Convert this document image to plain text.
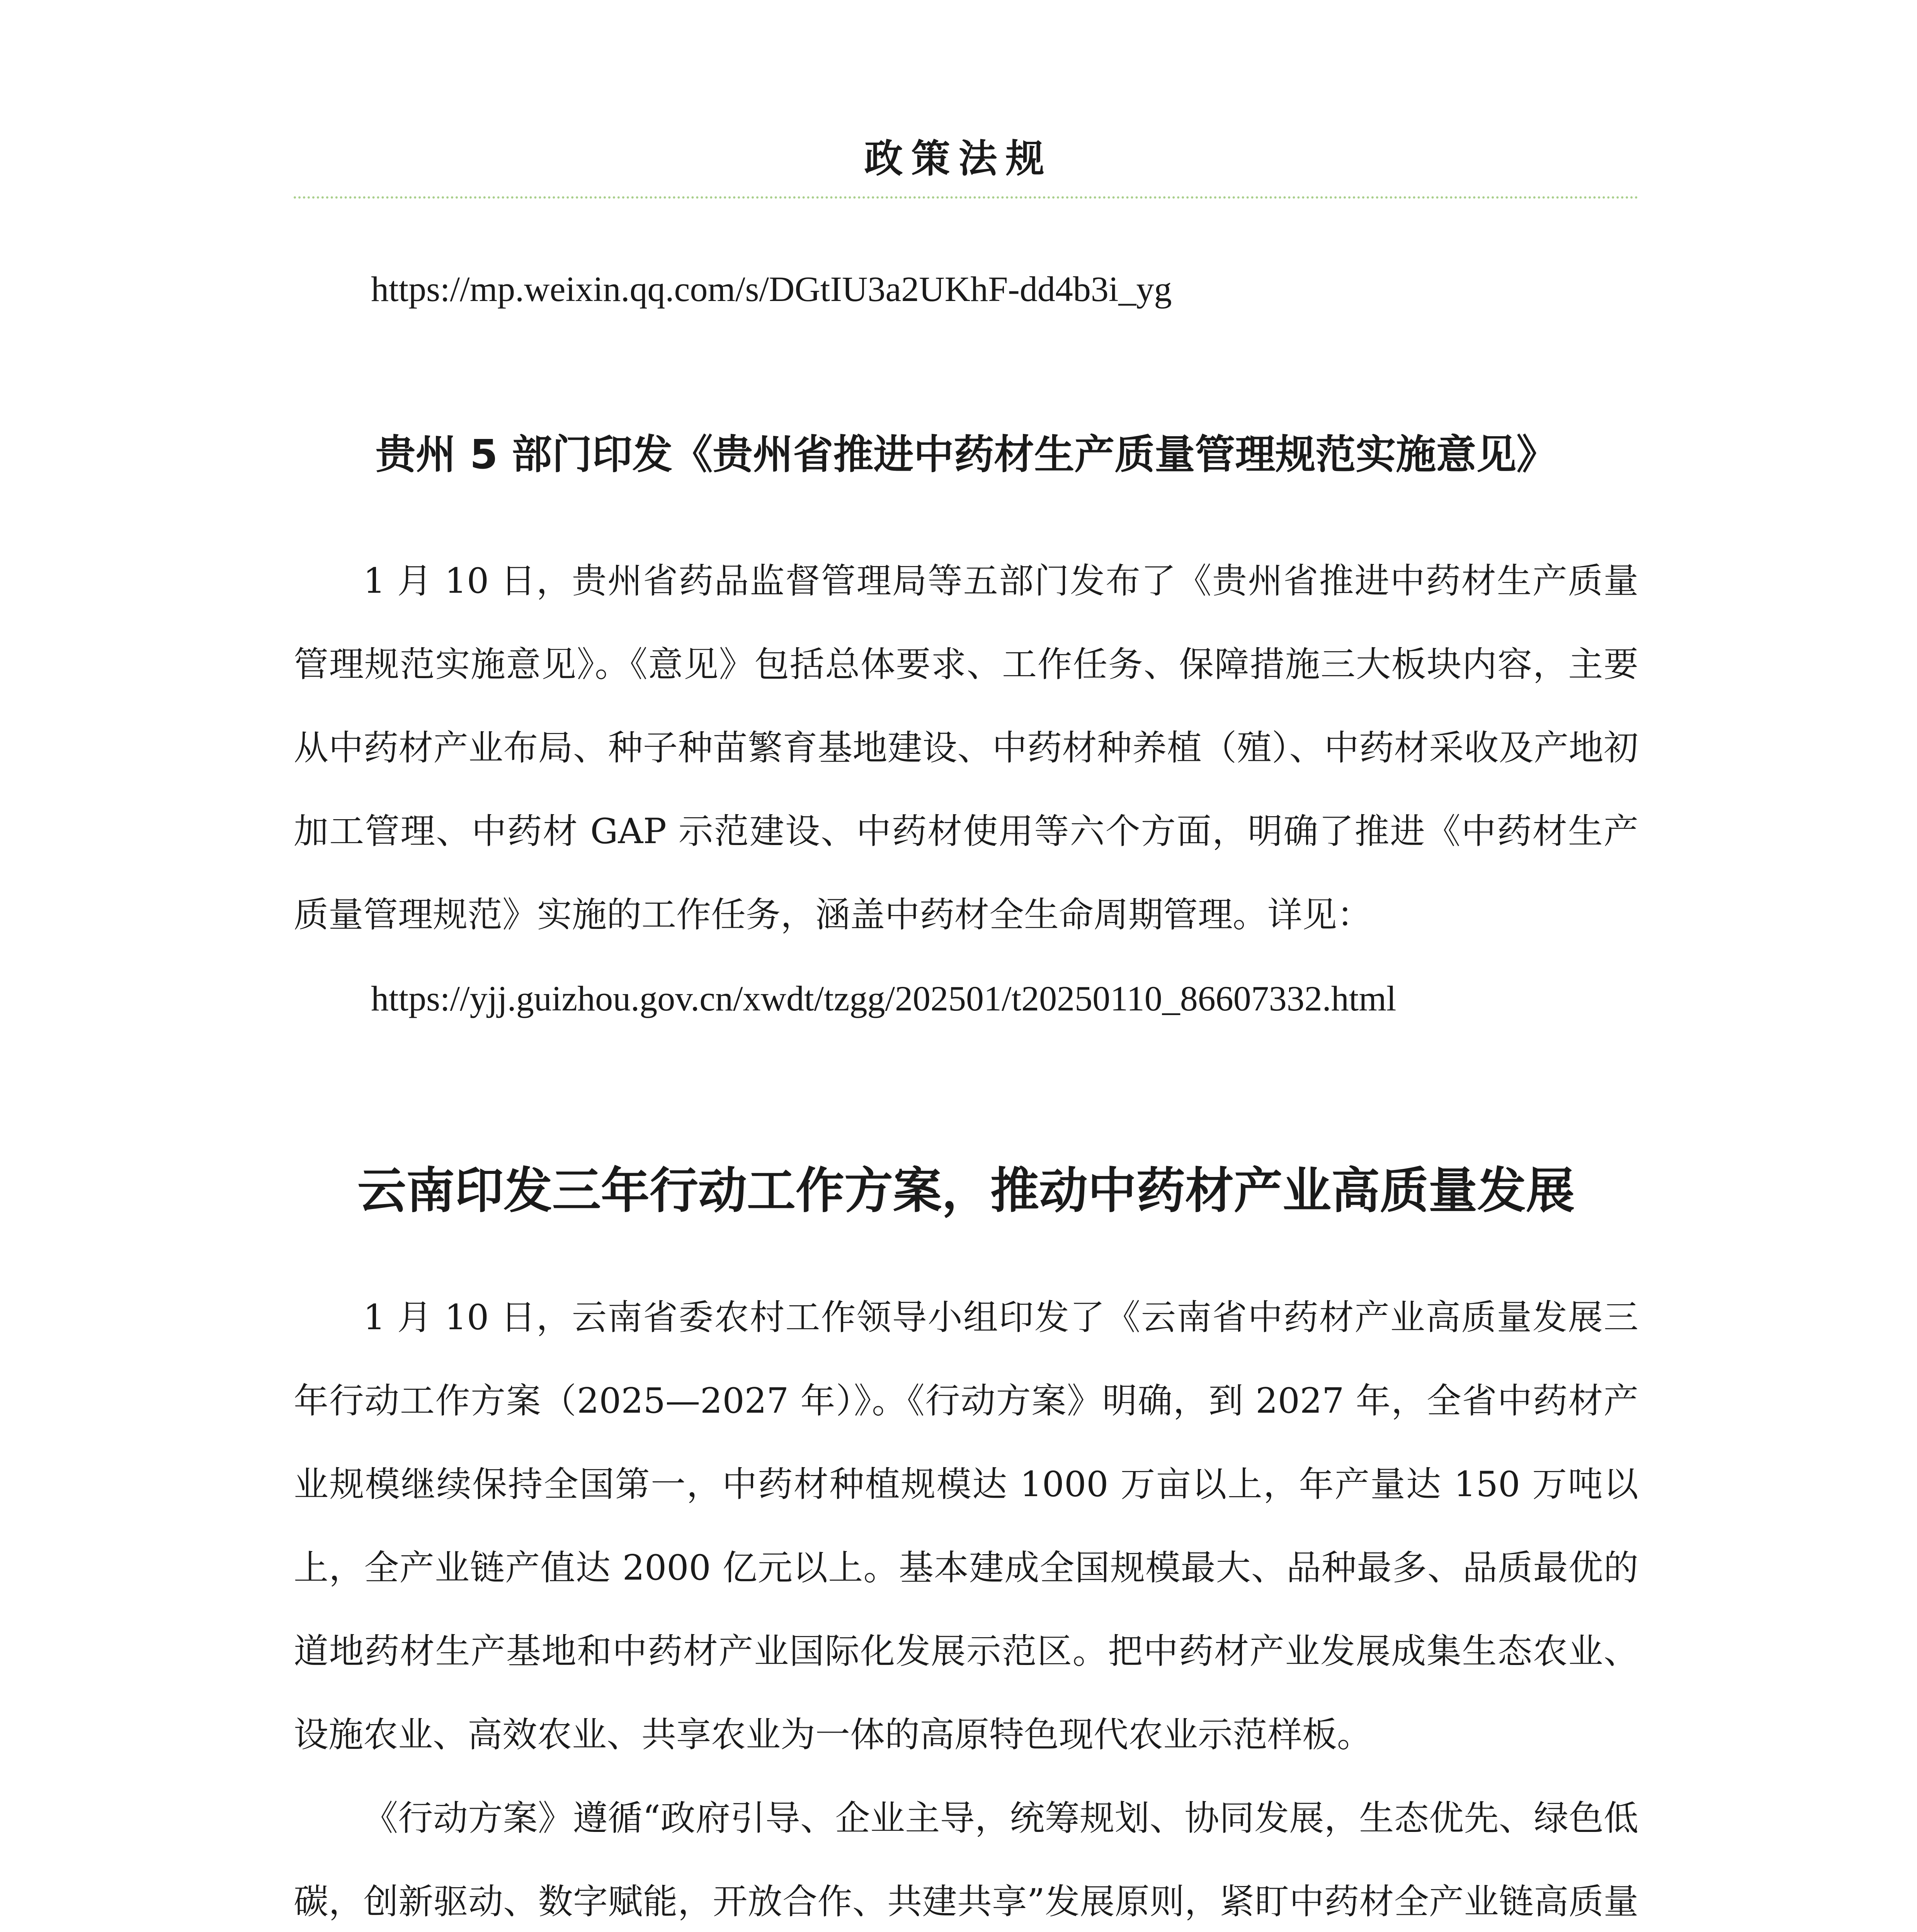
政策法规

https://mp.weixin.qq.com/s/DGtIU3a2UKhF-dd4b3i_yg

贵州 5 部门印发《贵州省推进中药材生产质量管理规范实施意见》

1 月 10 日，贵州省药品监督管理局等五部门发布了《贵州省推进中药材生产质量管理规范实施意见》。《意见》包括总体要求、工作任务、保障措施三大板块内容，主要从中药材产业布局、种子种苗繁育基地建设、中药材种养植（殖）、中药材采收及产地初加工管理、中药材 GAP 示范建设、中药材使用等六个方面，明确了推进《中药材生产质量管理规范》实施的工作任务，涵盖中药材全生命周期管理。详见：

https://yjj.guizhou.gov.cn/xwdt/tzgg/202501/t20250110_86607332.html

云南印发三年行动工作方案，推动中药材产业高质量发展

1 月 10 日，云南省委农村工作领导小组印发了《云南省中药材产业高质量发展三年行动工作方案（2025—2027 年）》。《行动方案》明确，到 2027 年，全省中药材产业规模继续保持全国第一，中药材种植规模达 1000 万亩以上，年产量达 150 万吨以上，全产业链产值达 2000 亿元以上。基本建成全国规模最大、品种最多、品质最优的道地药材生产基地和中药材产业国际化发展示范区。把中药材产业发展成集生态农业、设施农业、高效农业、共享农业为一体的高原特色现代农业示范样板。

《行动方案》遵循“政府引导、企业主导，统筹规划、协同发展，生态优先、绿色低碳，创新驱动、数字赋能，开放合作、共建共享”发展原则，紧盯中药材全产业链高质量
